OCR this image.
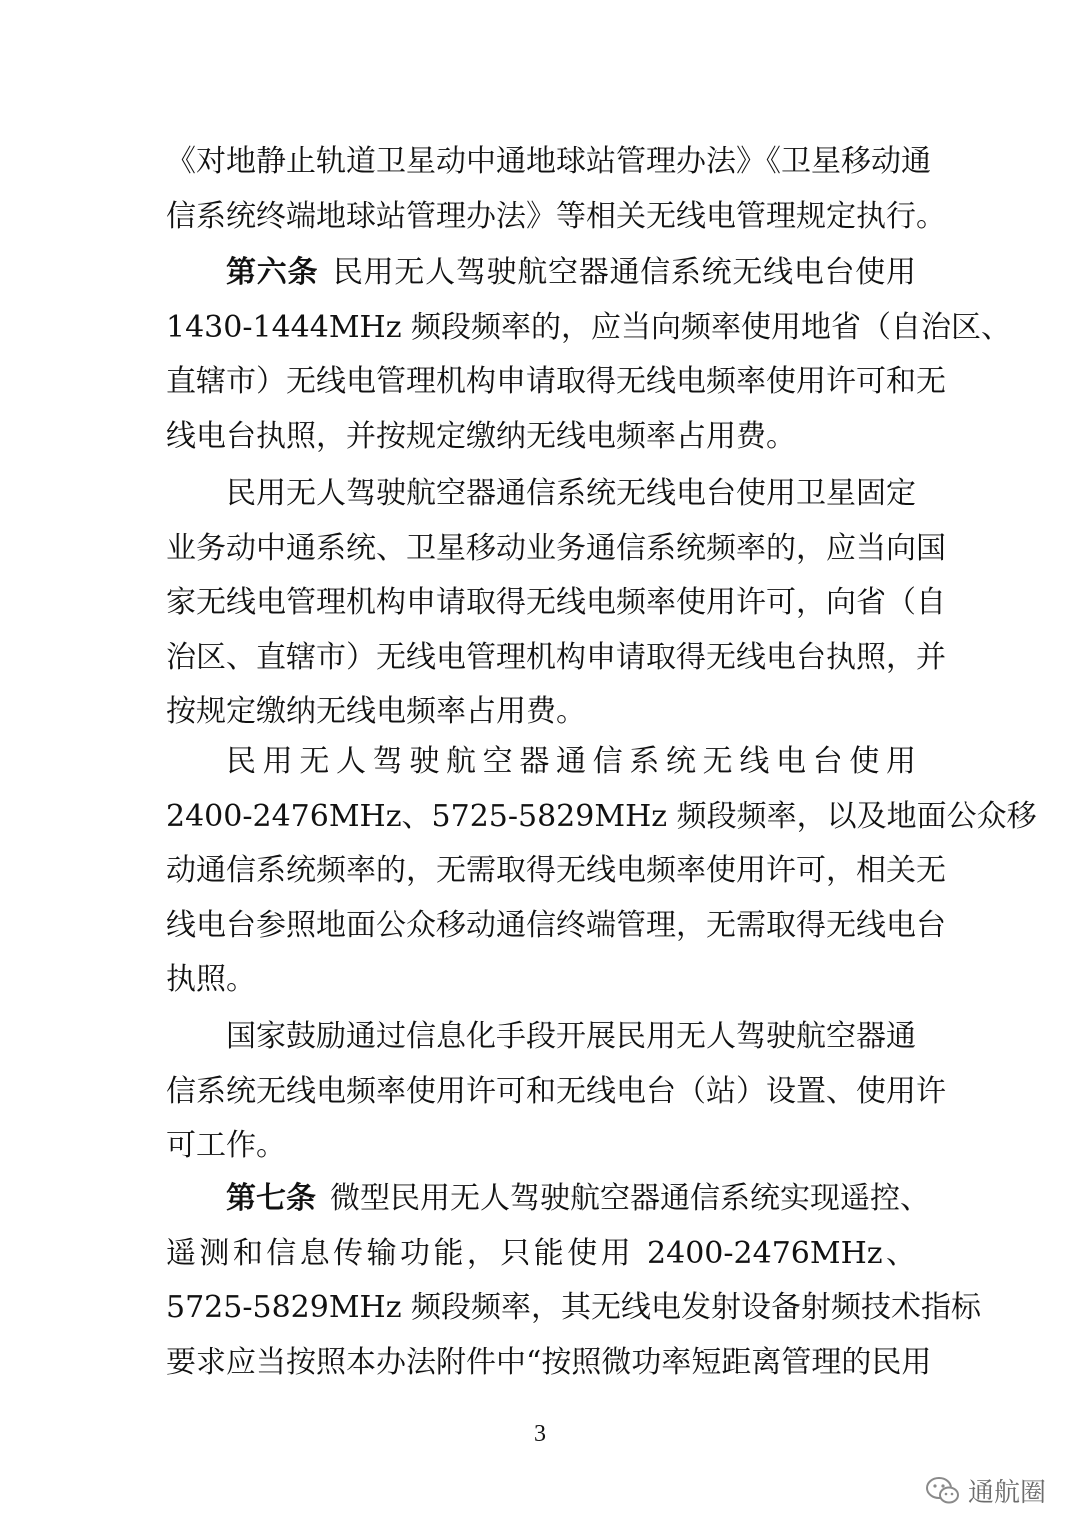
《对地静止轨道卫星动中通地球站管理办法》《卫星移动通
信系统终端地球站管理办法》等相关无线电管理规定执行。
第六条 民用无人驾驶航空器通信系统无线电台使用
1430-1444MHz 频段频率的，应当向频率使用地省（自治区、
直辖市）无线电管理机构申请取得无线电频率使用许可和无
线电台执照，并按规定缴纳无线电频率占用费。
民用无人驾驶航空器通信系统无线电台使用卫星固定
业务动中通系统、卫星移动业务通信系统频率的，应当向国
家无线电管理机构申请取得无线电频率使用许可，向省（自
治区、直辖市）无线电管理机构申请取得无线电台执照，并
按规定缴纳无线电频率占用费。
民用无人驾驶航空器通信系统无线电台使用
2400-2476MHz、5725-5829MHz 频段频率，以及地面公众移
动通信系统频率的，无需取得无线电频率使用许可，相关无
线电台参照地面公众移动通信终端管理，无需取得无线电台
执照。
国家鼓励通过信息化手段开展民用无人驾驶航空器通
信系统无线电频率使用许可和无线电台（站）设置、使用许
可工作。
第七条 微型民用无人驾驶航空器通信系统实现遥控、
遥测和信息传输功能，只能使用 2400-2476MHz、
5725-5829MHz 频段频率，其无线电发射设备射频技术指标
要求应当按照本办法附件中“按照微功率短距离管理的民用
3
通航圈
